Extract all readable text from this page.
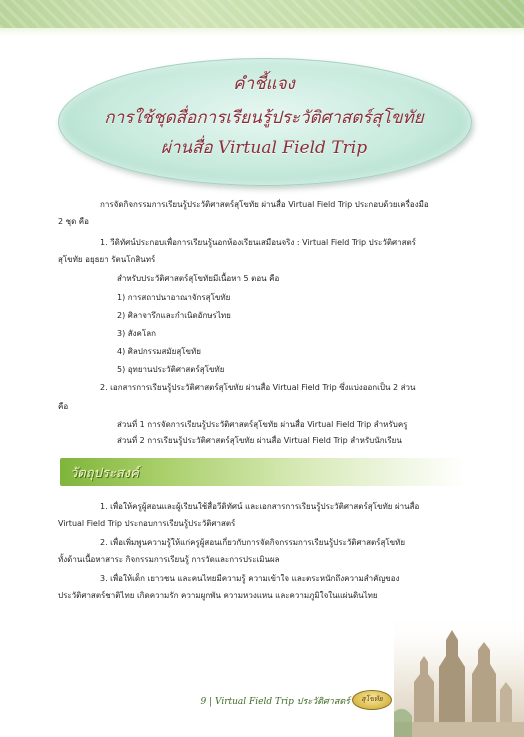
คำชี้แจง
การใช้ชุดสื่อการเรียนรู้ประวัติศาสตร์สุโขทัย
ผ่านสื่อ Virtual Field Trip
การจัดกิจกรรมการเรียนรู้ประวัติศาสตร์สุโขทัย ผ่านสื่อ Virtual Field Trip ประกอบด้วยเครื่องมือ
2 ชุด คือ
1. วีดิทัศน์ประกอบเพื่อการเรียนรู้นอกห้องเรียนเสมือนจริง : Virtual Field Trip ประวัติศาสตร์
สุโขทัย อยุธยา รัตนโกสินทร์
สำหรับประวัติศาสตร์สุโขทัยมีเนื้อหา 5 ตอน คือ
1) การสถาปนาอาณาจักรสุโขทัย
2) ศิลาจารึกและกำเนิดอักษรไทย
3) สังคโลก
4) ศิลปกรรมสมัยสุโขทัย
5) อุทยานประวัติศาสตร์สุโขทัย
2. เอกสารการเรียนรู้ประวัติศาสตร์สุโขทัย ผ่านสื่อ Virtual Field Trip ซึ่งแบ่งออกเป็น 2 ส่วน
คือ
ส่วนที่ 1 การจัดการเรียนรู้ประวัติศาสตร์สุโขทัย ผ่านสื่อ Virtual Field Trip สำหรับครู
ส่วนที่ 2 การเรียนรู้ประวัติศาสตร์สุโขทัย ผ่านสื่อ Virtual Field Trip สำหรับนักเรียน
วัตถุประสงค์
1. เพื่อให้ครูผู้สอนและผู้เรียนใช้สื่อวีดิทัศน์ และเอกสารการเรียนรู้ประวัติศาสตร์สุโขทัย ผ่านสื่อ
Virtual Field Trip ประกอบการเรียนรู้ประวัติศาสตร์
2. เพื่อเพิ่มพูนความรู้ให้แก่ครูผู้สอนเกี่ยวกับการจัดกิจกรรมการเรียนรู้ประวัติศาสตร์สุโขทัย
ทั้งด้านเนื้อหาสาระ กิจกรรมการเรียนรู้ การวัดและการประเมินผล
3. เพื่อให้เด็ก เยาวชน และคนไทยมีความรู้ ความเข้าใจ และตระหนักถึงความสำคัญของ
ประวัติศาสตร์ชาติไทย เกิดความรัก ความผูกพัน ความหวงแหน และความภูมิใจในแผ่นดินไทย
9 | Virtual Field Trip ประวัติศาสตร์	สุโขทัย
